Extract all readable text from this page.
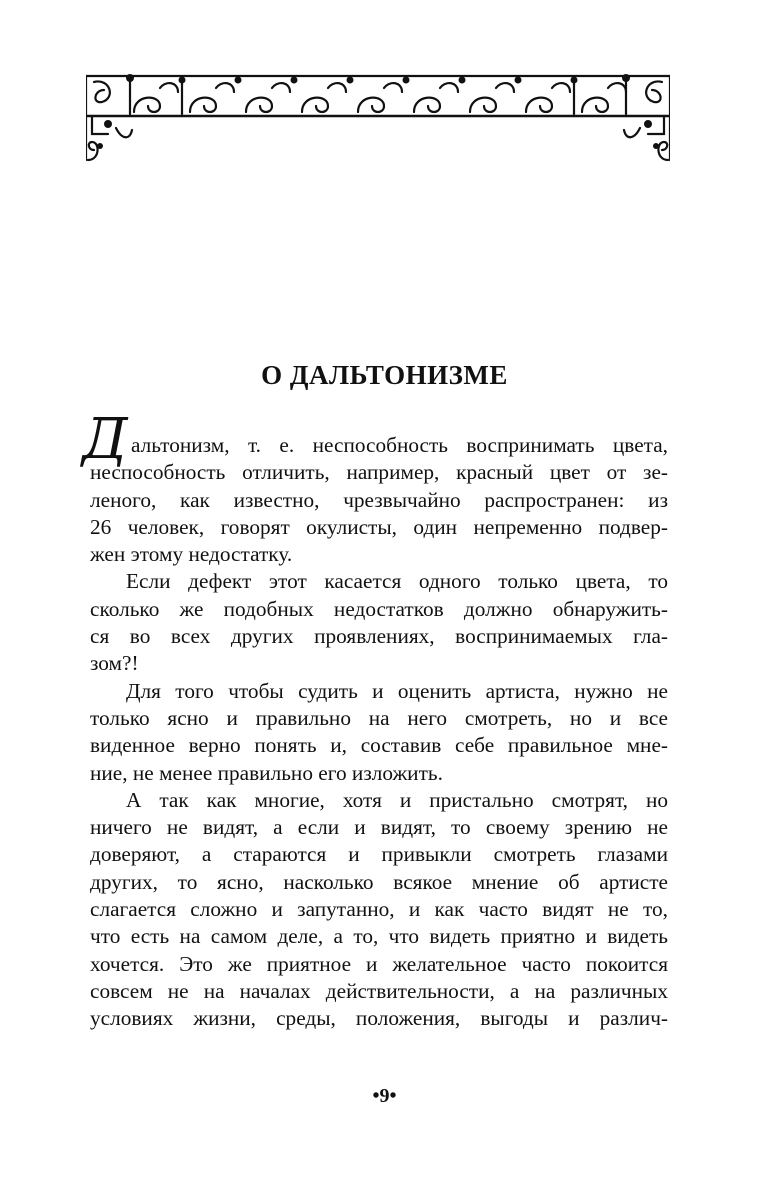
О ДАЛЬТОНИЗМЕ
Д альтонизм, т. е. неспособность воспринимать цвета,
неспособность отличить, например, красный цвет от зе-
леного, как известно, чрезвычайно распространен: из
26 человек, говорят окулисты, один непременно подвер-
жен этому недостатку.
Если дефект этот касается одного только цвета, то
сколько же подобных недостатков должно обнаружить-
ся во всех других проявлениях, воспринимаемых гла-
зом?!
Для того чтобы судить и оценить артиста, нужно не
только ясно и правильно на него смотреть, но и все
виденное верно понять и, составив себе правильное мне-
ние, не менее правильно его изложить.
А так как многие, хотя и пристально смотрят, но
ничего не видят, а если и видят, то своему зрению не
доверяют, а стараются и привыкли смотреть глазами
других, то ясно, насколько всякое мнение об артисте
слагается сложно и запутанно, и как часто видят не то,
что есть на самом деле, а то, что видеть приятно и видеть
хочется. Это же приятное и желательное часто покоится
совсем не на началах действительности, а на различных
условиях жизни, среды, положения, выгоды и различ-
•9•
